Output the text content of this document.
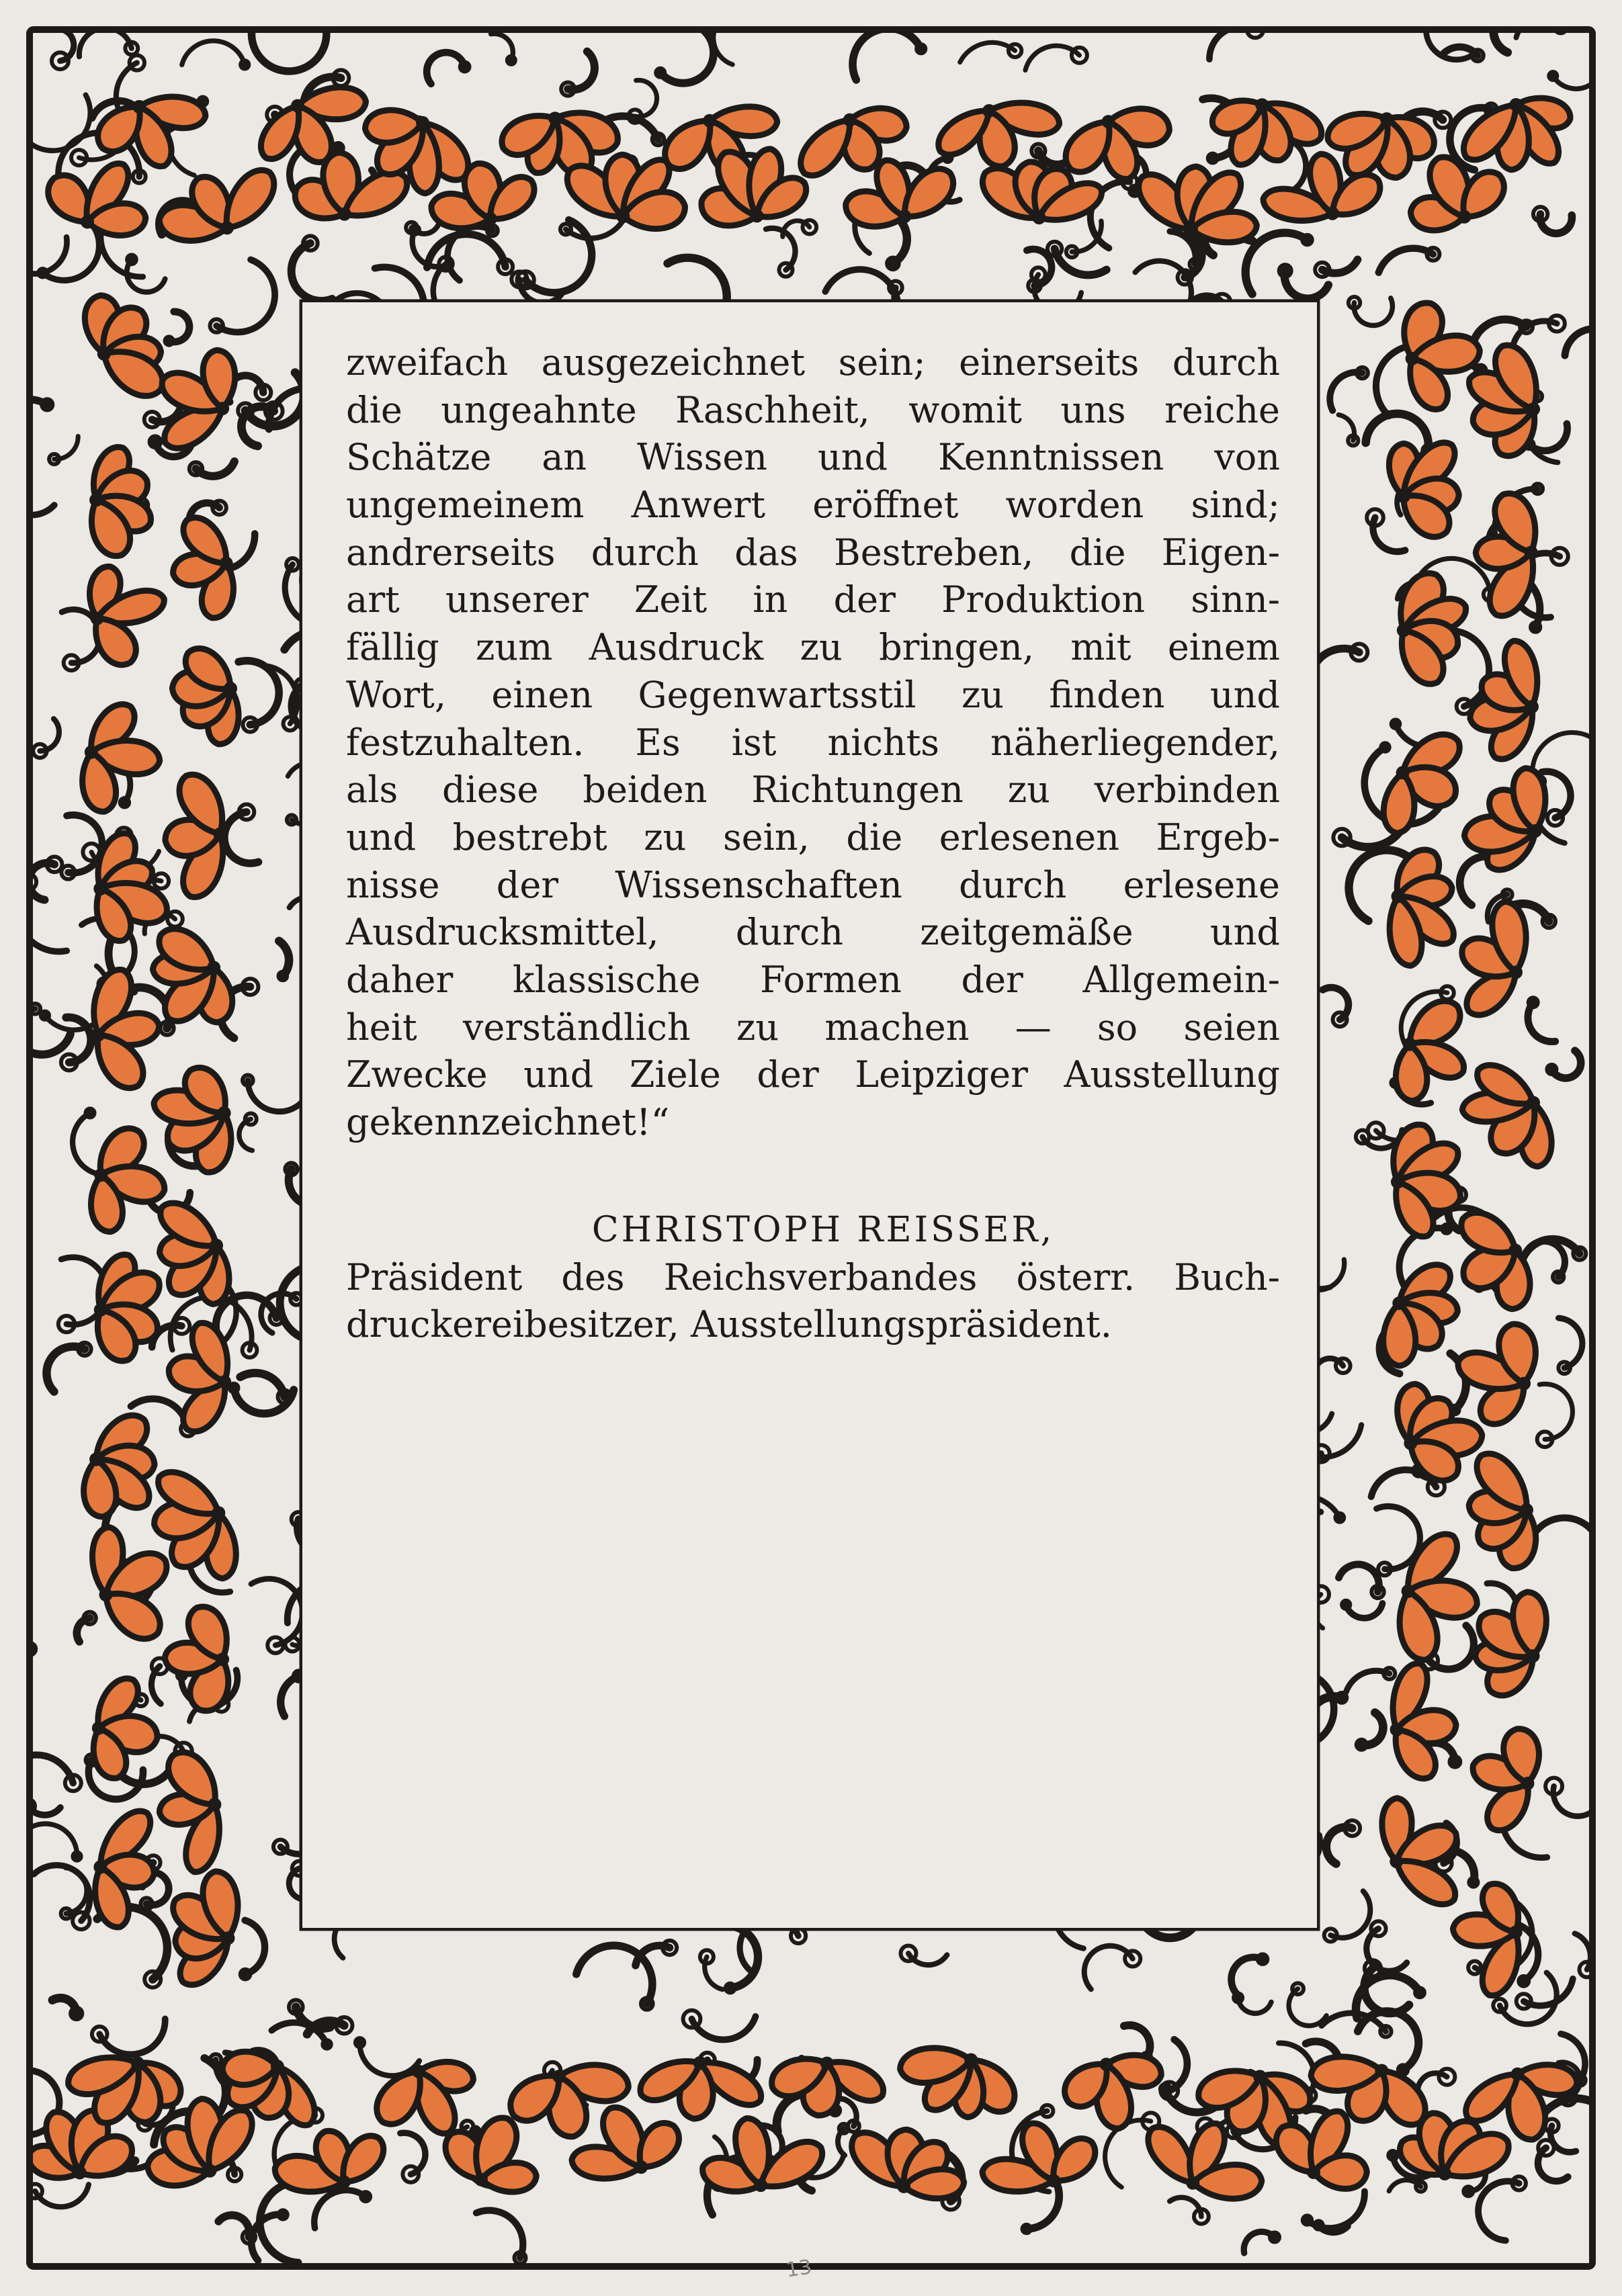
zweifach ausgezeichnet sein; einerseits durch
die ungeahnte Raschheit, womit uns reiche
Schätze an Wissen und Kenntnissen von
ungemeinem Anwert eröffnet worden sind;
andrerseits durch das Bestreben, die Eigen-
art unserer Zeit in der Produktion sinn-
fällig zum Ausdruck zu bringen, mit einem
Wort, einen Gegenwartsstil zu finden und
festzuhalten. Es ist nichts näherliegender,
als diese beiden Richtungen zu verbinden
und bestrebt zu sein, die erlesenen Ergeb-
nisse der Wissenschaften durch erlesene
Ausdrucksmittel, durch zeitgemäße und
daher klassische Formen der Allgemein-
heit verständlich zu machen — so seien
Zwecke und Ziele der Leipziger Ausstellung
gekennzeichnet!“
CHRISTOPH REISSER,
Präsident des Reichsverbandes österr. Buch-
druckereibesitzer, Ausstellungspräsident.
13
